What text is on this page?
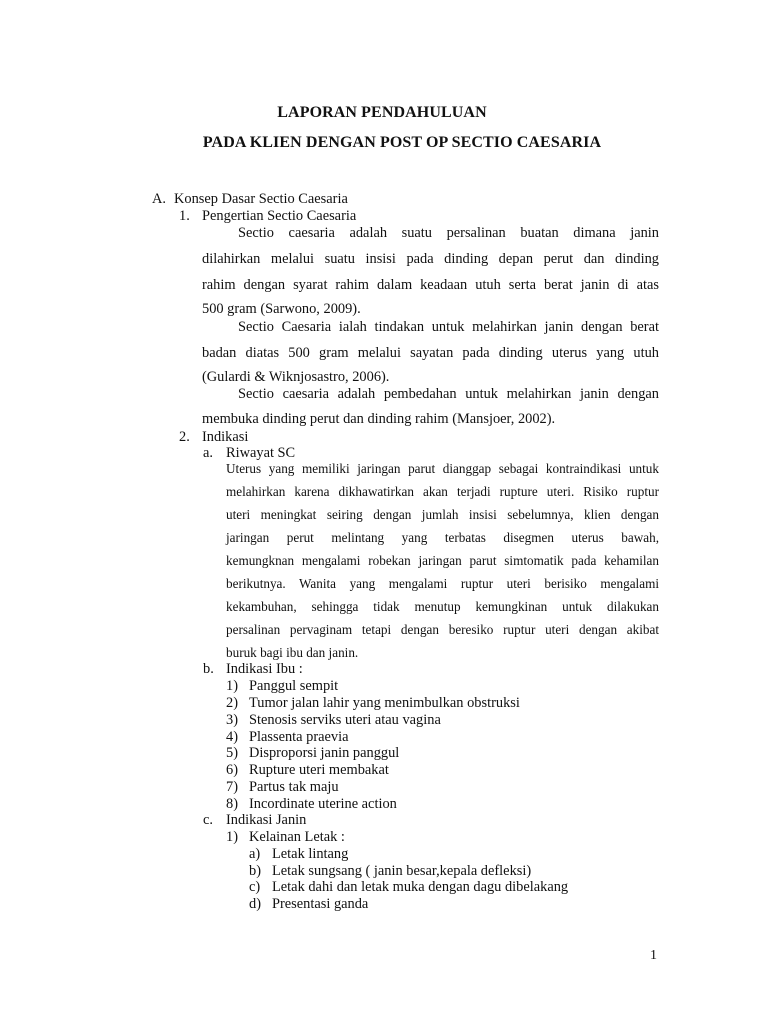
LAPORAN PENDAHULUAN
PADA KLIEN DENGAN POST OP SECTIO CAESARIA
A. Konsep Dasar Sectio Caesaria
1. Pengertian Sectio Caesaria
Sectio caesaria adalah suatu persalinan buatan dimana janin
dilahirkan melalui suatu insisi pada dinding depan perut dan dinding
rahim dengan syarat rahim dalam keadaan utuh serta berat janin di atas
500 gram (Sarwono, 2009).
Sectio Caesaria ialah tindakan untuk melahirkan janin dengan berat
badan diatas 500 gram melalui sayatan pada dinding uterus yang utuh
(Gulardi & Wiknjosastro, 2006).
Sectio caesaria adalah pembedahan untuk melahirkan janin dengan
membuka dinding perut dan dinding rahim (Mansjoer, 2002).
2. Indikasi
a. Riwayat SC
Uterus yang memiliki jaringan parut dianggap sebagai kontraindikasi untuk
melahirkan karena dikhawatirkan akan terjadi rupture uteri. Risiko ruptur
uteri meningkat seiring dengan jumlah insisi sebelumnya, klien dengan
jaringan perut melintang yang terbatas disegmen uterus bawah,
kemungknan mengalami robekan jaringan parut simtomatik pada kehamilan
berikutnya. Wanita yang mengalami ruptur uteri berisiko mengalami
kekambuhan, sehingga tidak menutup kemungkinan untuk dilakukan
persalinan pervaginam tetapi dengan beresiko ruptur uteri dengan akibat
buruk bagi ibu dan janin.
b. Indikasi Ibu :
1) Panggul sempit
2) Tumor jalan lahir yang menimbulkan obstruksi
3) Stenosis serviks uteri atau vagina
4) Plassenta praevia
5) Disproporsi janin panggul
6) Rupture uteri membakat
7) Partus tak maju
8) Incordinate uterine action
c. Indikasi Janin
1) Kelainan Letak :
a) Letak lintang
b) Letak sungsang ( janin besar,kepala defleksi)
c) Letak dahi dan letak muka dengan dagu dibelakang
d) Presentasi ganda
1
